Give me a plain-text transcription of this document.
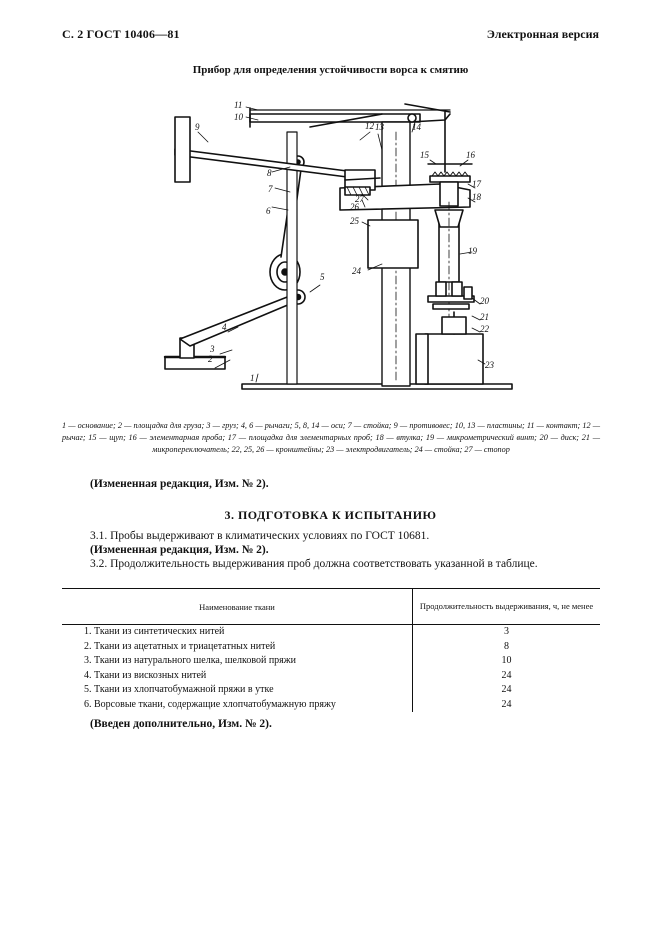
С. 2 ГОСТ 10406—81	Электронная версия
Прибор для определения устойчивости ворса к смятию
1
2
3
4
5
6
7
8
9
10
11
12 13	14
15	16
17
18
19
20
21
22
23
24
25
26
27
1 — основание; 2 — площадка для груза; 3 — груз; 4, 6 — рычаги; 5, 8, 14 — оси; 7 — стойка; 9 — противовес; 10, 13 — пластины; 11 — контакт; 12 — рычаг; 15 — щуп; 16 — элементарная проба; 17 — площадка для элементарных проб; 18 — втулка; 19 — микрометрический винт; 20 — диск; 21 — микропереключатель; 22, 25, 26 — кронштейны; 23 — электродвигатель; 24 — стойка; 27 — стопор
(Измененная редакция, Изм. № 2).
3. ПОДГОТОВКА К ИСПЫТАНИЮ
3.1. Пробы выдерживают в климатических условиях по ГОСТ 10681.
(Измененная редакция, Изм. № 2).
3.2. Продолжительность выдерживания проб должна соответствовать указанной в таблице.
Наименование ткани	Продолжительность выдерживания, ч, не менее
1. Ткани из синтетических нитей	3
2. Ткани из ацетатных и триацетатных нитей	8
3. Ткани из натурального шелка, шелковой пряжи	10
4. Ткани из вискозных нитей	24
5. Ткани из хлопчатобумажной пряжи в утке	24
6. Ворсовые ткани, содержащие хлопчатобумажную пряжу	24
(Введен дополнительно, Изм. № 2).
